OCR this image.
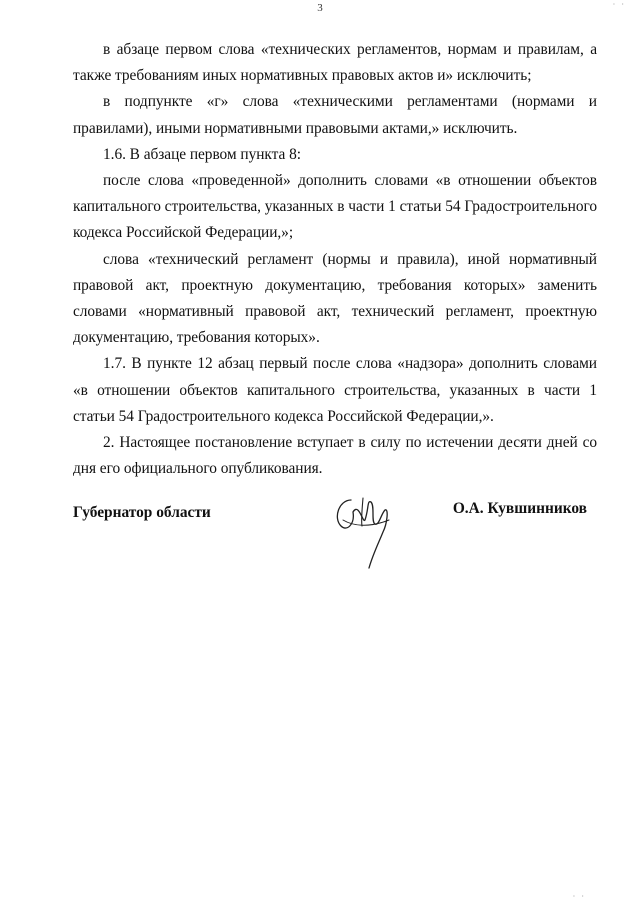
3	· ·

в абзаце первом слова «технических регламентов, нормам и правилам, а также требованиям иных нормативных правовых актов и» исключить;

в подпункте «г» слова «техническими регламентами (нормами и правилами), иными нормативными правовыми актами,» исключить.

1.6. В абзаце первом пункта 8:

после слова «проведенной» дополнить словами «в отношении объектов капитального строительства, указанных в части 1 статьи 54 Градостроительного кодекса Российской Федерации,»;

слова «технический регламент (нормы и правила), иной нормативный правовой акт, проектную документацию, требования которых» заменить словами «нормативный правовой акт, технический регламент, проектную документацию, требования которых».

1.7. В пункте 12 абзац первый после слова «надзора» дополнить словами «в отношении объектов капитального строительства, указанных в части 1 статьи 54 Градостроительного кодекса Российской Федерации,».

2. Настоящее постановление вступает в силу по истечении десяти дней со дня его официального опубликования.

Губернатор области	О.А. Кувшинников
· ·
